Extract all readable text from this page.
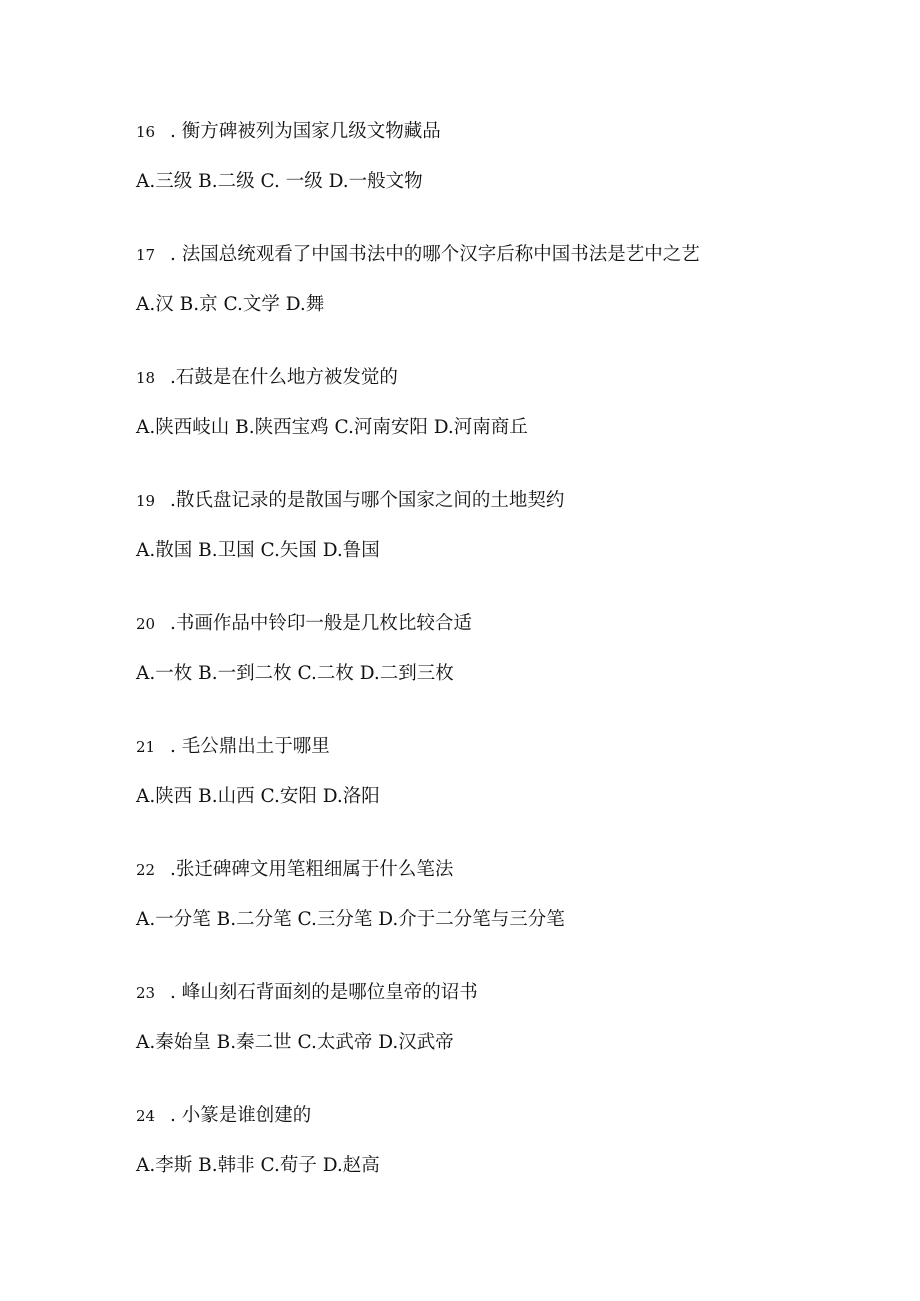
16 . 衡方碑被列为国家几级文物藏品
A.三级 B.二级 C. 一级 D.一般文物
17 . 法国总统观看了中国书法中的哪个汉字后称中国书法是艺中之艺
A.汉 B.京 C.文学 D.舞
18 .石鼓是在什么地方被发觉的
A.陕西岐山 B.陕西宝鸡 C.河南安阳 D.河南商丘
19 .散氏盘记录的是散国与哪个国家之间的土地契约
A.散国 B.卫国 C.矢国 D.鲁国
20 .书画作品中铃印一般是几枚比较合适
A.一枚 B.一到二枚 C.二枚 D.二到三枚
21 . 毛公鼎出土于哪里
A.陕西 B.山西 C.安阳 D.洛阳
22 .张迁碑碑文用笔粗细属于什么笔法
A.一分笔 B.二分笔 C.三分笔 D.介于二分笔与三分笔
23 . 峰山刻石背面刻的是哪位皇帝的诏书
A.秦始皇 B.秦二世 C.太武帝 D.汉武帝
24 . 小篆是谁创建的
A.李斯 B.韩非 C.荀子 D.赵高
